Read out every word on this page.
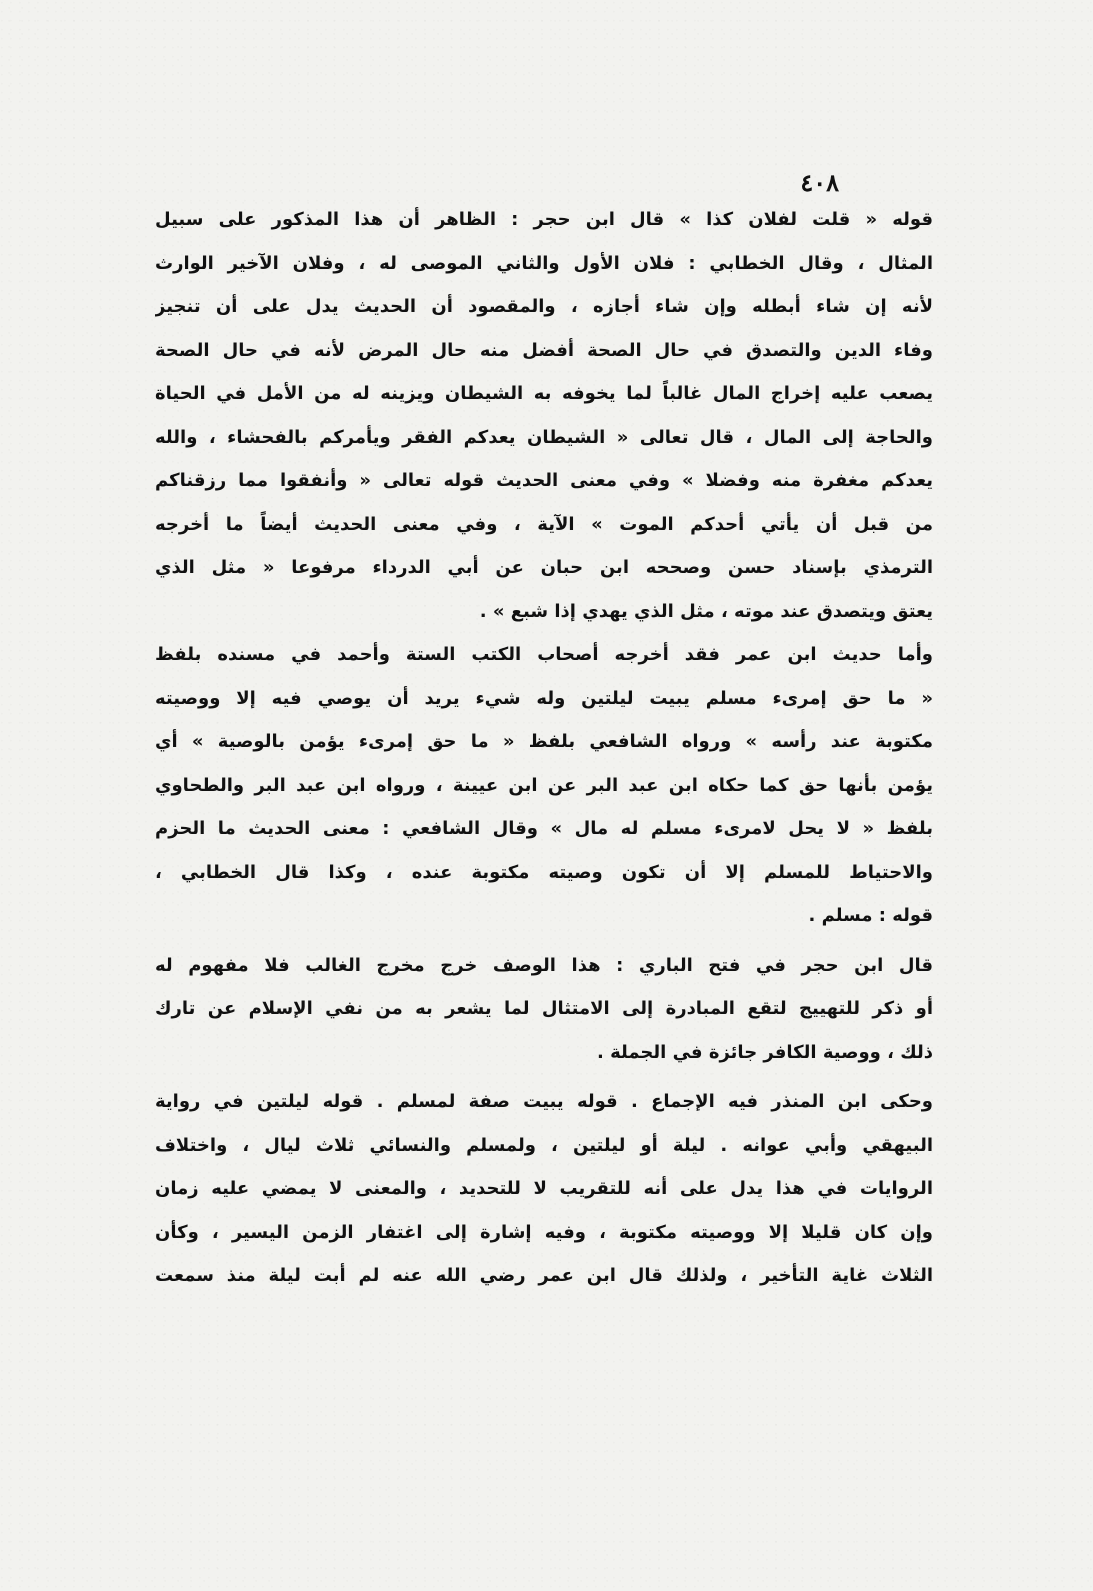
٤٠٨
قوله « قلت لفلان كذا » قال ابن حجر : الظاهر أن هذا المذكور على سبيل
المثال ، وقال الخطابي : فلان الأول والثاني الموصى له ، وفلان الآخير الوارث
لأنه إن شاء أبطله وإن شاء أجازه ، والمقصود أن الحديث يدل على أن تنجيز
وفاء الدين والتصدق في حال الصحة أفضل منه حال المرض لأنه في حال الصحة
يصعب عليه إخراج المال غالباً لما يخوفه به الشيطان ويزينه له من الأمل في الحياة
والحاجة إلى المال ، قال تعالى « الشيطان يعدكم الفقر ويأمركم بالفحشاء ، والله
يعدكم مغفرة منه وفضلا » وفي معنى الحديث قوله تعالى « وأنفقوا مما رزقناكم
من قبل أن يأتي أحدكم الموت » الآية ، وفي معنى الحديث أيضاً ما أخرجه
الترمذي بإسناد حسن وصححه ابن حبان عن أبي الدرداء مرفوعا « مثل الذي
يعتق ويتصدق عند موته ، مثل الذي يهدي إذا شبع » .
وأما حديث ابن عمر فقد أخرجه أصحاب الكتب الستة وأحمد في مسنده بلفظ
« ما حق إمرىء مسلم يبيت ليلتين وله شيء يريد أن يوصي فيه إلا ووصيته
مكتوبة عند رأسه » ورواه الشافعي بلفظ « ما حق إمرىء يؤمن بالوصية » أي
يؤمن بأنها حق كما حكاه ابن عبد البر عن ابن عيينة ، ورواه ابن عبد البر والطحاوي
بلفظ « لا يحل لامرىء مسلم له مال » وقال الشافعي : معنى الحديث ما الحزم
والاحتياط للمسلم إلا أن تكون وصيته مكتوبة عنده ، وكذا قال الخطابي ،
قوله : مسلم .
قال ابن حجر في فتح الباري : هذا الوصف خرج مخرج الغالب فلا مفهوم له
أو ذكر للتهييج لتقع المبادرة إلى الامتثال لما يشعر به من نفي الإسلام عن تارك
ذلك ، ووصية الكافر جائزة في الجملة .
وحكى ابن المنذر فيه الإجماع . قوله يبيت صفة لمسلم . قوله ليلتين في رواية
البيهقي وأبي عوانه . ليلة أو ليلتين ، ولمسلم والنسائي ثلاث ليال ، واختلاف
الروايات في هذا يدل على أنه للتقريب لا للتحديد ، والمعنى لا يمضي عليه زمان
وإن كان قليلا إلا ووصيته مكتوبة ، وفيه إشارة إلى اغتفار الزمن اليسير ، وكأن
الثلاث غاية التأخير ، ولذلك قال ابن عمر رضي الله عنه لم أبت ليلة منذ سمعت
